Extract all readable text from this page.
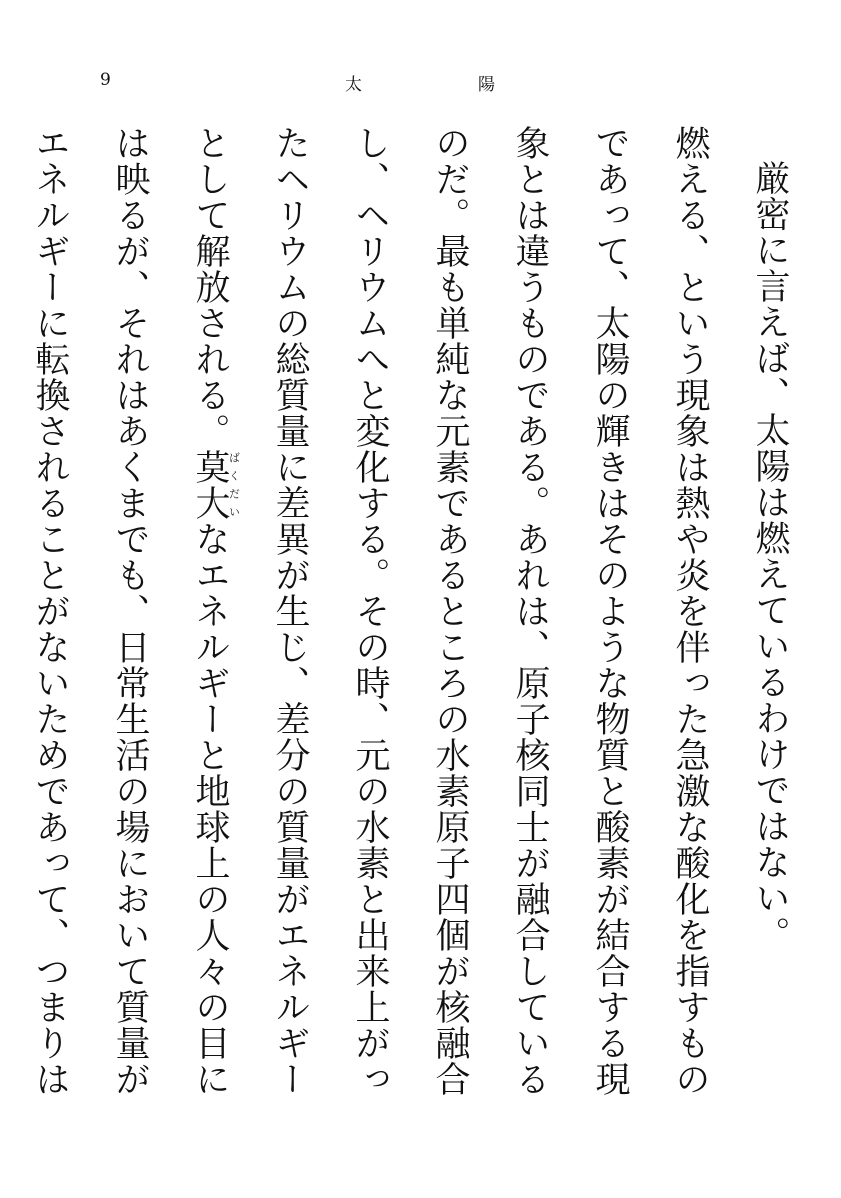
9	太	陽

厳密に言えば、太陽は燃えているわけではない。
燃える、という現象は熱や炎を伴った急激な酸化を指すものであって、太陽の輝きはそのような物質と酸素が結合する現象とは違うものである。あれは、原子核同士が融合しているのだ。最も単純な元素であるところの水素原子四個が核融合し、ヘリウムへと変化する。その時、元の水素と出来上がったヘリウムの総質量に差異が生じ、差分の質量がエネルギーとして解放される。莫大ばくだいなエネルギーと地球上の人々の目には映るが、それはあくまでも、日常生活の場において質量がエネルギーに転換されることがないためであって、つまりは
